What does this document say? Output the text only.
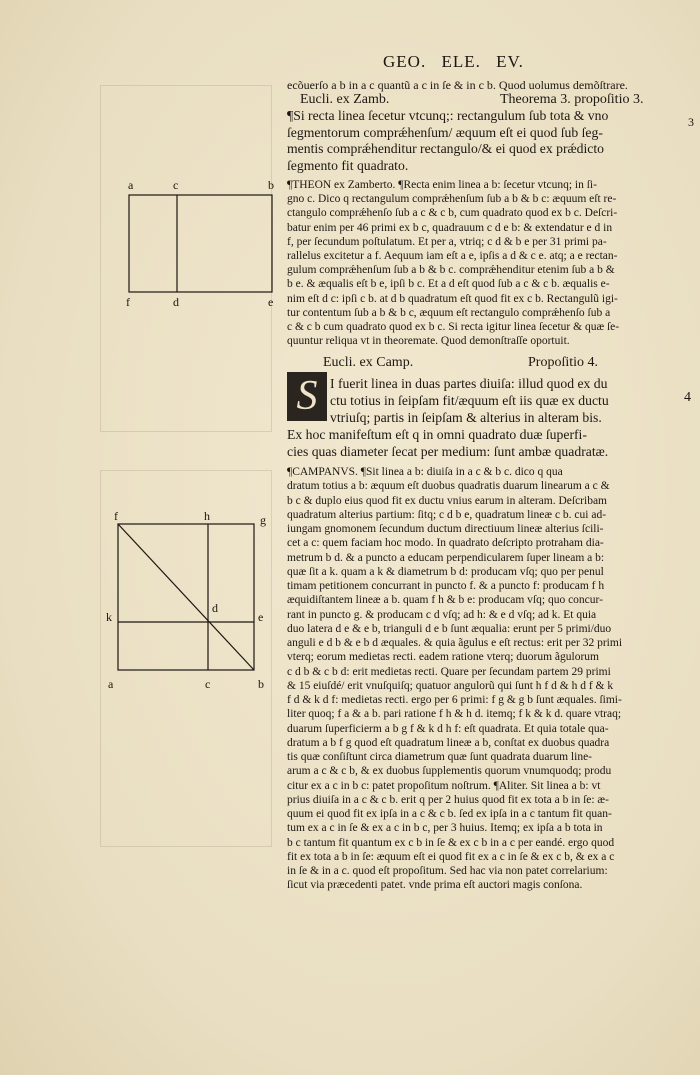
GEO. ELE. EV.
ecõuerſo a b in a c quantũ a c in ſe & in c b. Quod uolumus demõſtrare.
Eucli. ex Zamb.	Theorema 3. propoſitio 3.
¶Si recta linea ſecetur vtcunq;: rectangulum ſub tota & vno
ſegmentorum comprǽhenſum/ æquum eſt ei quod ſub ſeg-
mentis comprǽhenditur rectangulo/& ei quod ex prǽdicto
ſegmento fit quadrato.
¶THEON ex Zamberto. ¶Recta enim linea a b: ſecetur vtcunq; in ſi-
gno c. Dico q rectangulum comprǽhenſum ſub a b & b c: æquum eſt re-
ctangulo comprǽhenſo ſub a c & c b, cum quadrato quod ex b c. Deſcri-
batur enim per 46 primi ex b c, quadrauum c d e b: & extendatur e d in
f, per ſecundum poſtulatum. Et per a, vtriq; c d & b e per 31 primi pa-
rallelus excitetur a f. Aequum iam eſt a e, ipſis a d & c e. atq; a e rectan-
gulum comprǽhenſum ſub a b & b c. comprǽhenditur etenim ſub a b &
b e. & æqualis eſt b e, ipſi b c. Et a d eſt quod ſub a c & c b. æqualis e-
nim eſt d c: ipſi c b. at d b quadratum eſt quod fit ex c b. Rectangulũ igi-
tur contentum ſub a b & b c, æquum eſt rectangulo comprǽhenſo ſub a
c & c b cum quadrato quod ex b c. Si recta igitur linea ſecetur & quæ ſe-
quuntur reliqua vt in theoremate. Quod demonſtraſſe oportuit.
Eucli. ex Camp.	Propoſitio 4.
S I fuerit linea in duas partes diuiſa: illud quod ex du
ctu totius in ſeipſam fit/æquum eſt iis quæ ex ductu
vtriuſq; partis in ſeipſam & alterius in alteram bis.
Ex hoc manifeſtum eſt q in omni quadrato duæ ſuperfi-
cies quas diameter ſecat per medium: ſunt ambæ quadratæ.
¶CAMPANVS. ¶Sit linea a b: diuiſa in a c & b c. dico q qua
dratum totius a b: æquum eſt duobus quadratis duarum linearum a c &
b c & duplo eius quod fit ex ductu vnius earum in alteram. Deſcribam
quadratum alterius partium: ſitq; c d b e, quadratum lineæ c b. cui ad-
iungam gnomonem ſecundum ductum directiuum lineæ alterius ſcili-
cet a c: quem faciam hoc modo. In quadrato deſcripto protraham dia-
metrum b d. & a puncto a educam perpendicularem ſuper lineam a b:
quæ ſit a k. quam a k & diametrum b d: producam vſq; quo per penul
timam petitionem concurrant in puncto f. & a puncto f: producam f h
æquidiſtantem lineæ a b. quam f h & b e: producam vſq; quo concur-
rant in puncto g. & producam c d vſq; ad h: & e d vſq; ad k. Et quia
duo latera d e & e b, trianguli d e b ſunt æqualia: erunt per 5 primi/duo
anguli e d b & e b d æquales. & quia ãgulus e eſt rectus: erit per 32 primi
vterq; eorum medietas recti. eadem ratione vterq; duorum ãgulorum
c d b & c b d: erit medietas recti. Quare per ſecundam partem 29 primi
& 15 eiuſdé/ erit vnuſquiſq; quatuor angulorũ qui ſunt h f d & h d f & k
f d & k d f: medietas recti. ergo per 6 primi: f g & g b ſunt æquales. ſimi-
liter quoq; f a & a b. pari ratione f h & h d. itemq; f k & k d. quare vtraq;
duarum ſuperficierm a b g f & k d h f: eſt quadrata. Et quia totale qua-
dratum a b f g quod eſt quadratum lineæ a b, conſtat ex duobus quadra
tis quæ conſiſtunt circa diametrum quæ ſunt quadrata duarum line-
arum a c & c b, & ex duobus ſupplementis quorum vnumquodq; produ
citur ex a c in b c: patet propoſitum noſtrum. ¶Aliter. Sit linea a b: vt
prius diuiſa in a c & c b. erit q per 2 huius quod fit ex tota a b in ſe: æ-
quum ei quod fit ex ipſa in a c & c b. ſed ex ipſa in a c tantum fit quan-
tum ex a c in ſe & ex a c in b c, per 3 huius. Itemq; ex ipſa a b tota in
b c tantum fit quantum ex c b in ſe & ex c b in a c per eandé. ergo quod
fit ex tota a b in ſe: æquum eſt ei quod fit ex a c in ſe & ex c b, & ex a c
in ſe & in a c. quod eſt propoſitum. Sed hac via non patet correlarium:
ſicut via præcedenti patet. vnde prima eſt auctori magis conſona.
3
4
a	c	b
f	d	e
f	h	g
k
d
e
a	c	b
